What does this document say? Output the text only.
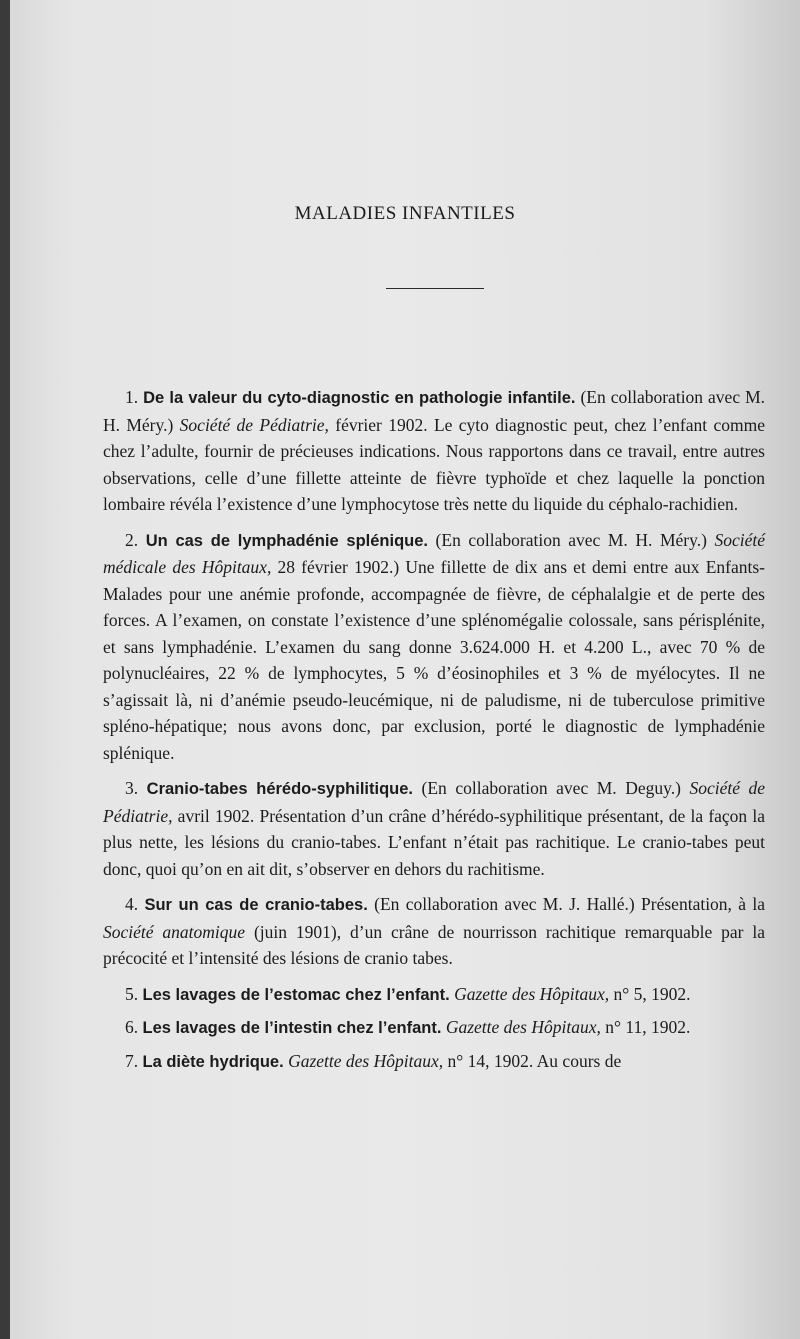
MALADIES INFANTILES

1. De la valeur du cyto-diagnostic en pathologie infantile. (En collaboration avec M. H. Méry.) Société de Pédiatrie, février 1902. Le cyto diagnostic peut, chez l’enfant comme chez l’adulte, fournir de précieuses indications. Nous rapportons dans ce travail, entre autres observations, celle d’une fillette atteinte de fièvre typhoïde et chez laquelle la ponction lombaire révéla l’existence d’une lymphocytose très nette du liquide du céphalo-rachidien.

2. Un cas de lymphadénie splénique. (En collaboration avec M. H. Méry.) Société médicale des Hôpitaux, 28 février 1902.) Une fillette de dix ans et demi entre aux Enfants-Malades pour une anémie profonde, accompagnée de fièvre, de céphalalgie et de perte des forces. A l’examen, on constate l’existence d’une splénomégalie colossale, sans périsplénite, et sans lymphadénie. L’examen du sang donne 3.624.000 H. et 4.200 L., avec 70 % de polynucléaires, 22 % de lymphocytes, 5 % d’éosinophiles et 3 % de myélocytes. Il ne s’agissait là, ni d’anémie pseudo-leucémique, ni de paludisme, ni de tuberculose primitive spléno-hépatique; nous avons donc, par exclusion, porté le diagnostic de lymphadénie splénique.

3. Cranio-tabes hérédo-syphilitique. (En collaboration avec M. Deguy.) Société de Pédiatrie, avril 1902. Présentation d’un crâne d’hérédo-syphilitique présentant, de la façon la plus nette, les lésions du cranio-tabes. L’enfant n’était pas rachitique. Le cranio-tabes peut donc, quoi qu’on en ait dit, s’observer en dehors du rachitisme.

4. Sur un cas de cranio-tabes. (En collaboration avec M. J. Hallé.) Présentation, à la Société anatomique (juin 1901), d’un crâne de nourrisson rachitique remarquable par la précocité et l’intensité des lésions de cranio tabes.

5. Les lavages de l’estomac chez l’enfant. Gazette des Hôpitaux, n° 5, 1902.

6. Les lavages de l’intestin chez l’enfant. Gazette des Hôpitaux, n° 11, 1902.

7. La diète hydrique. Gazette des Hôpitaux, n° 14, 1902. Au cours de
